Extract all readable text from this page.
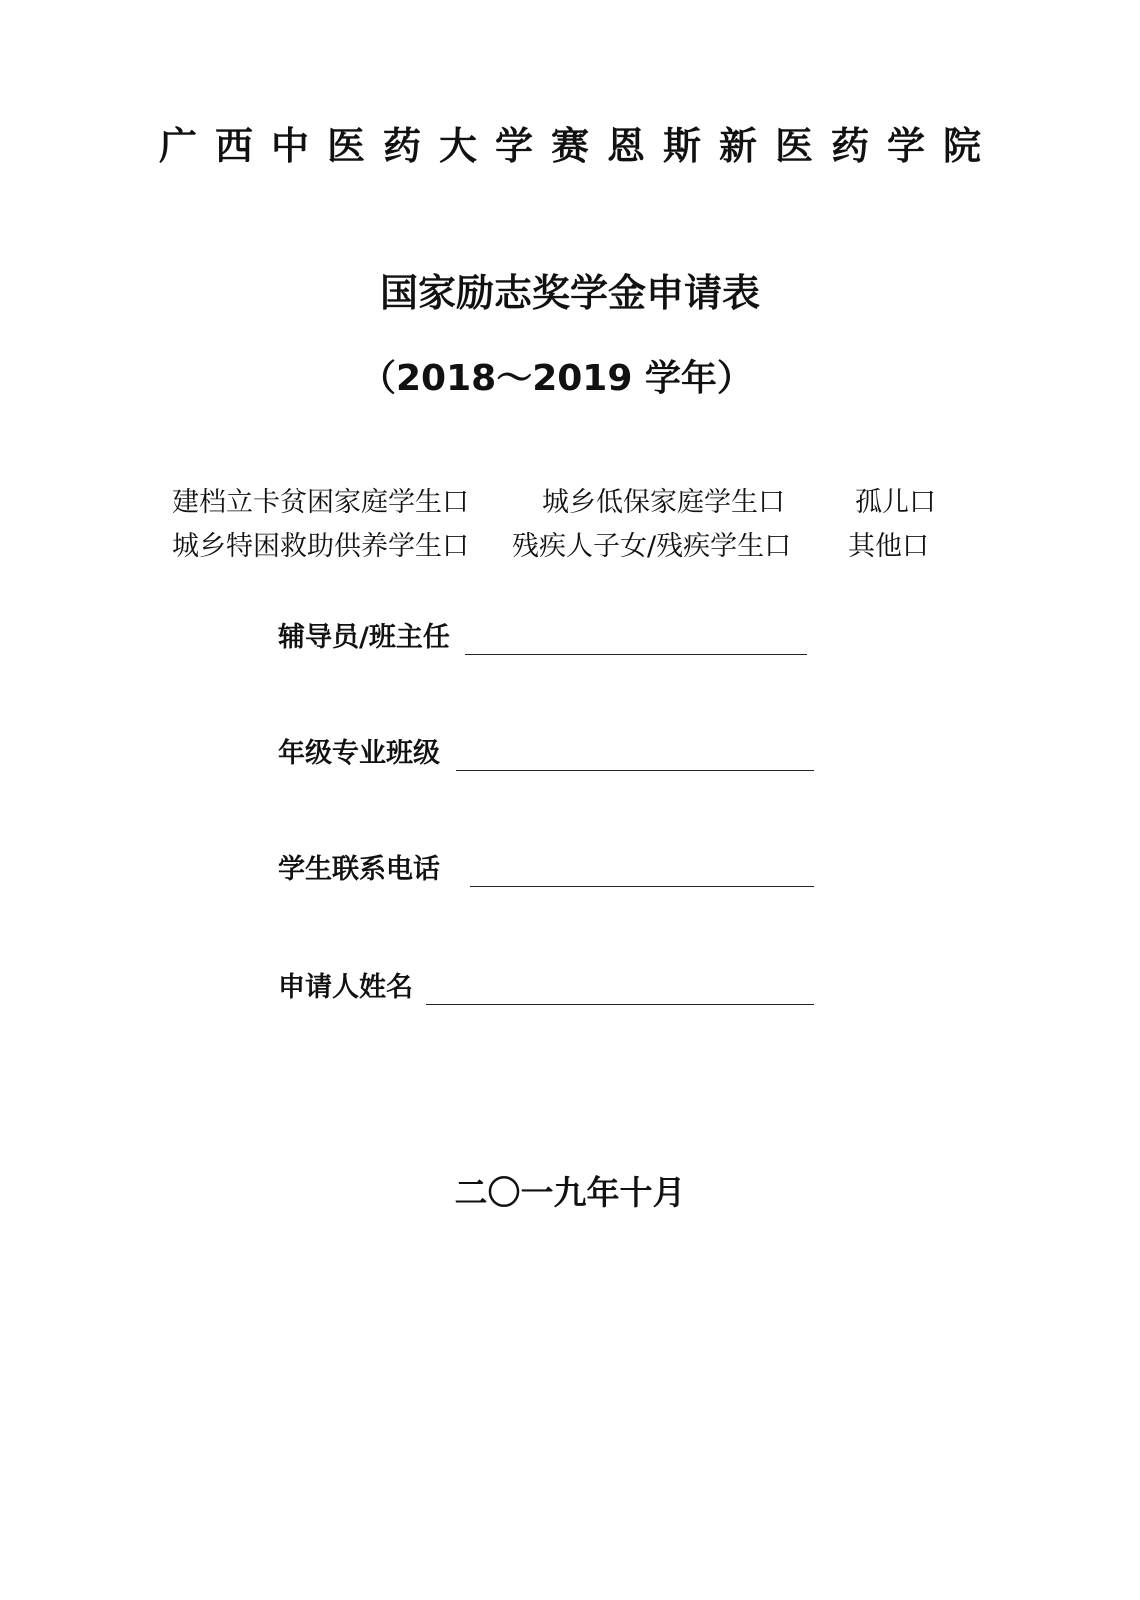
广西中医药大学赛恩斯新医药学院
国家励志奖学金申请表
（2018～2019 学年）
建档立卡贫困家庭学生口	城乡低保家庭学生口	孤儿口
城乡特困救助供养学生口 残疾人子女/残疾学生口 其他口
辅导员/班主任
年级专业班级
学生联系电话
申请人姓名
二〇一九年十月
